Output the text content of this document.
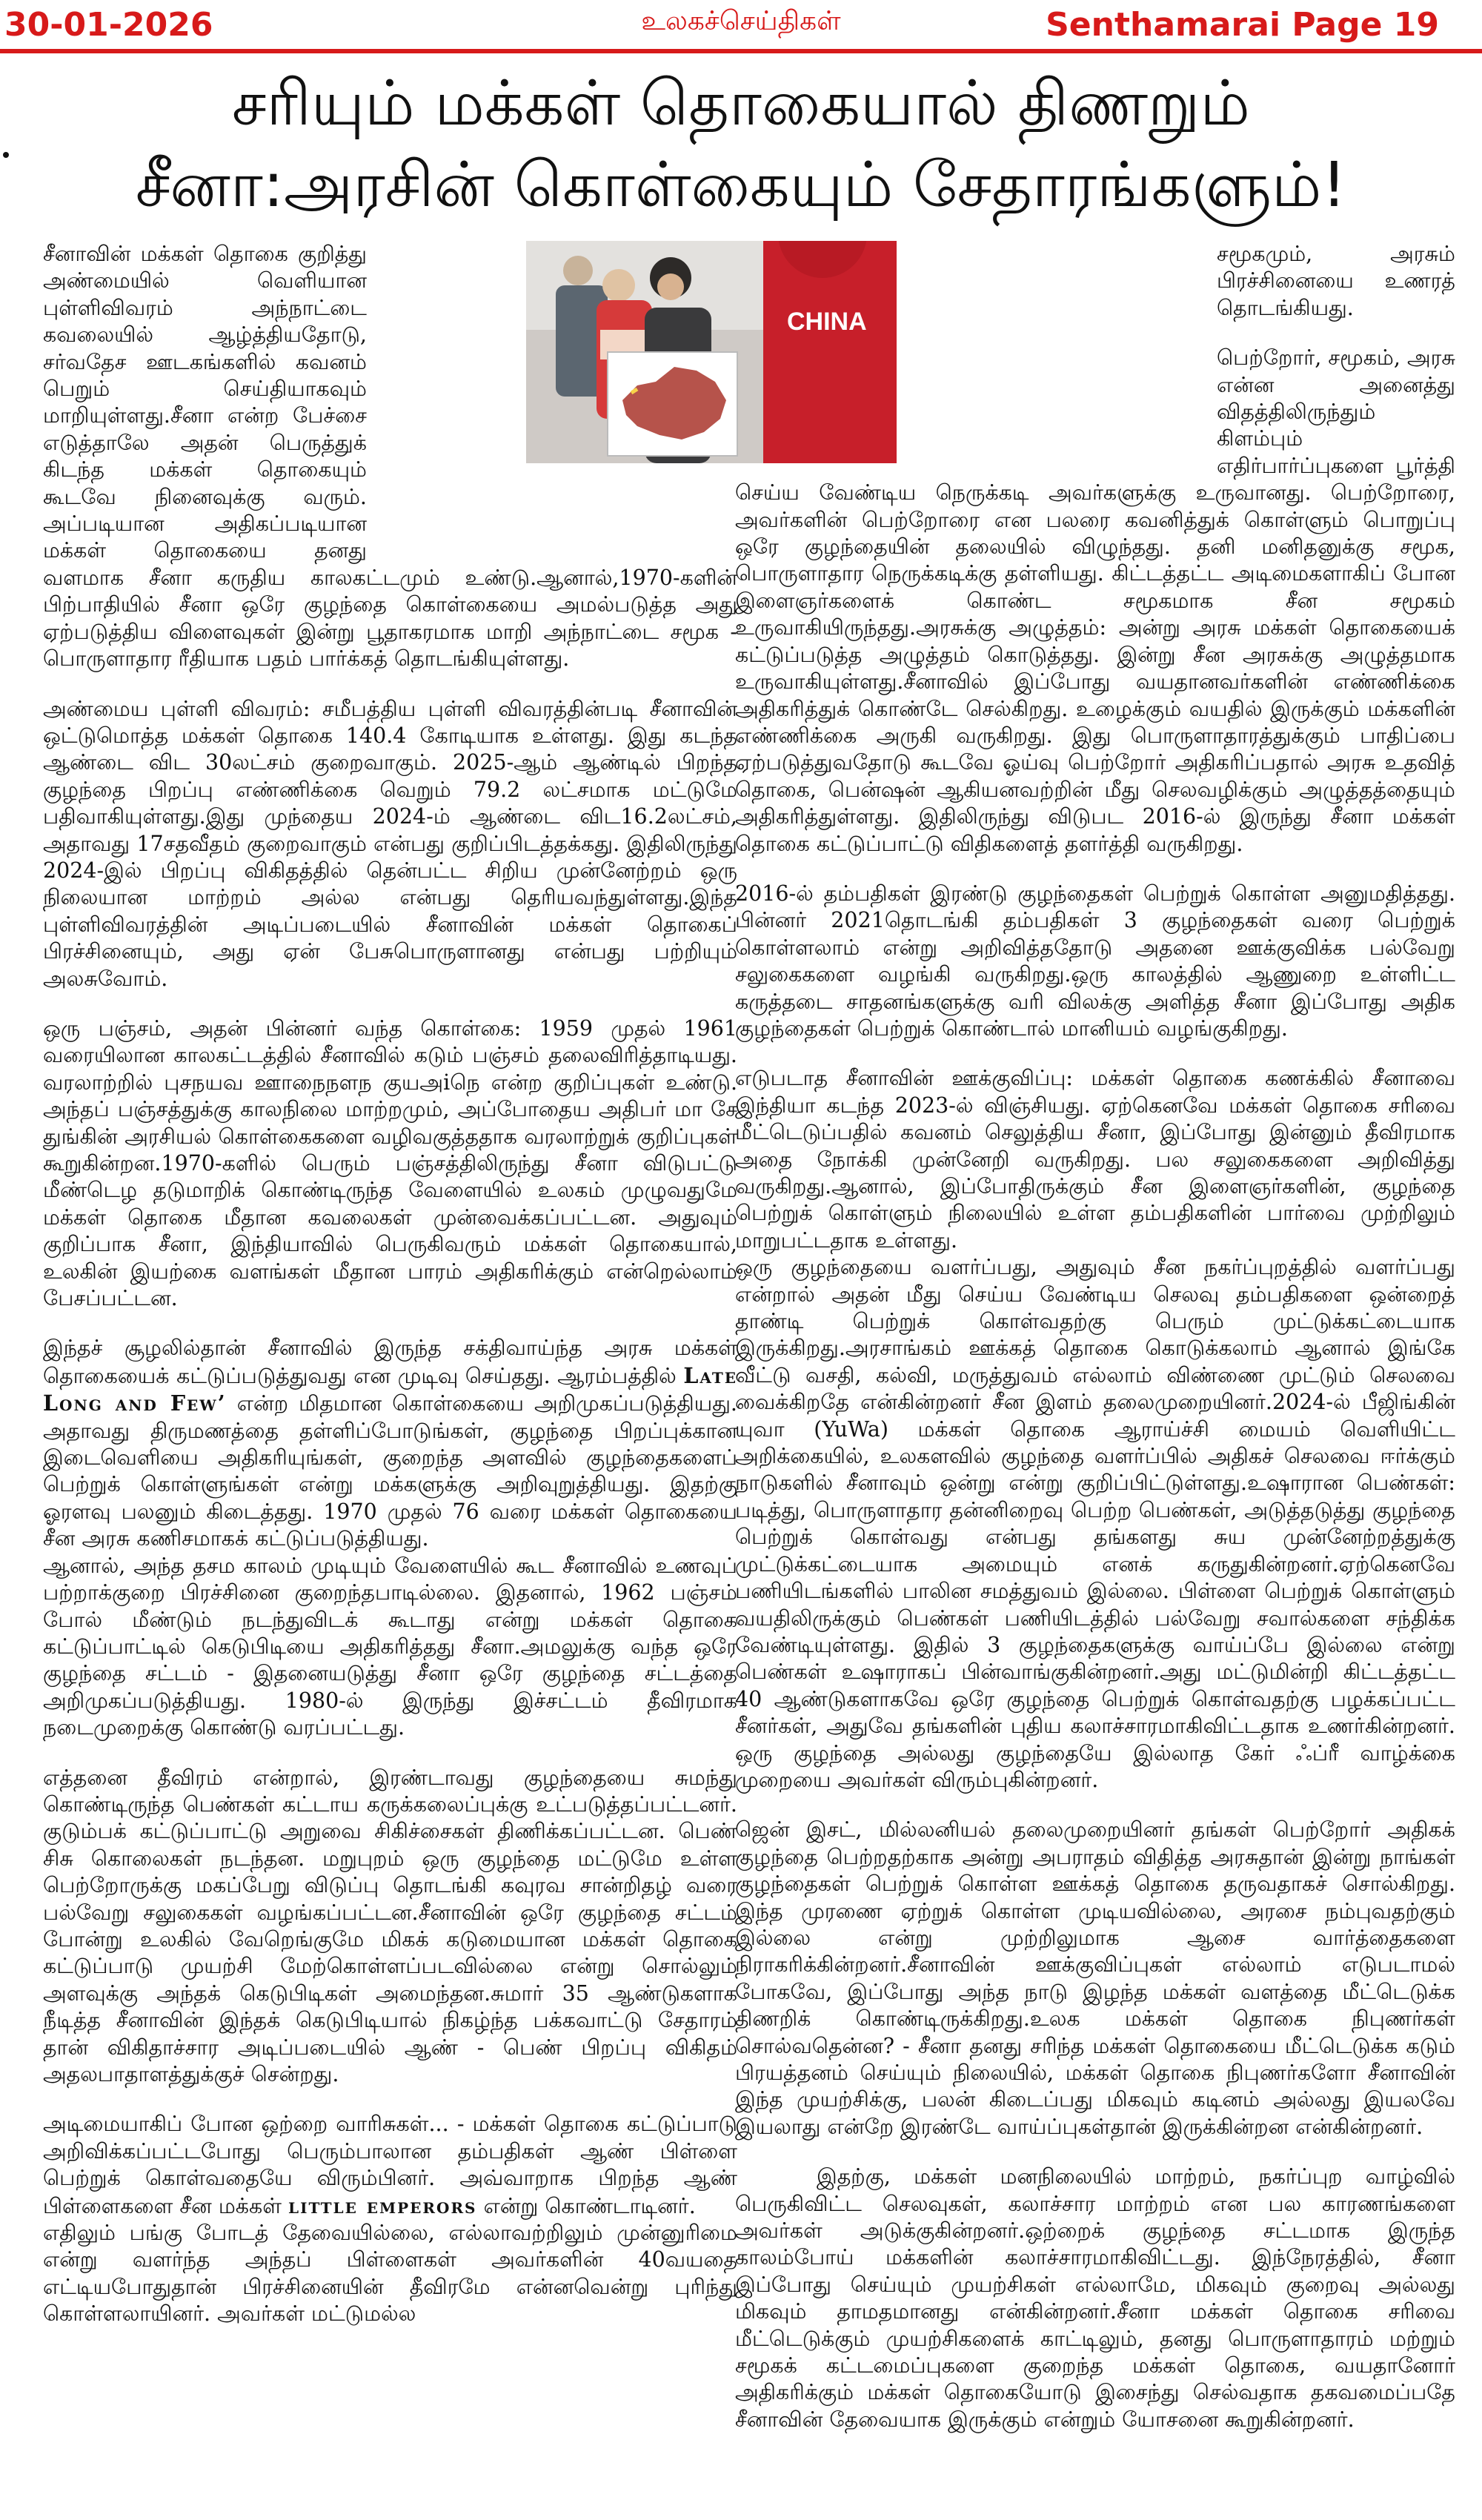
30-01-2026	உலகச்செய்திகள்	Senthamarai Page 19
சரியும் மக்கள் தொகையால் திணறும்
சீனா:அரசின் கொள்கையும் சேதாரங்களும்!
CHINA

சீனாவின் மக்கள் தொகை குறித்து அண்மையில் வெளியான புள்ளிவிவரம் அந்நாட்டை கவலையில் ஆழ்த்தியதோடு, சர்வதேச ஊடகங்களில் கவனம் பெறும் செய்தியாகவும் மாறியுள்ளது.சீனா என்ற பேச்சை எடுத்தாலே அதன் பெருத்துக் கிடந்த மக்கள் தொகையும் கூடவே நினைவுக்கு வரும். அப்படியான அதிகப்படியான மக்கள் தொகையை தனது வளமாக சீனா கருதிய காலகட்டமும் உண்டு.ஆனால்,1970-களின் பிற்பாதியில் சீனா ஒரே குழந்தை கொள்கையை அமல்படுத்த அது ஏற்படுத்திய விளைவுகள் இன்று பூதாகரமாக மாறி அந்நாட்டை சமூக - பொருளாதார ரீதியாக பதம் பார்க்கத் தொடங்கியுள்ளது.

அண்மைய புள்ளி விவரம்: சமீபத்திய புள்ளி விவரத்தின்படி சீனாவின் ஒட்டுமொத்த மக்கள் தொகை 140.4 கோடியாக உள்ளது. இது கடந்த ஆண்டை விட 30லட்சம் குறைவாகும். 2025-ஆம் ஆண்டில் பிறந்த குழந்தை பிறப்பு எண்ணிக்கை வெறும் 79.2 லட்சமாக மட்டுமே பதிவாகியுள்ளது.இது முந்தைய 2024-ம் ஆண்டை விட16.2லட்சம், அதாவது 17சதவீதம் குறைவாகும் என்பது குறிப்பிடத்தக்கது. இதிலிருந்து 2024-இல் பிறப்பு விகிதத்தில் தென்பட்ட சிறிய முன்னேற்றம் ஒரு நிலையான மாற்றம் அல்ல என்பது தெரியவந்துள்ளது.இந்த புள்ளிவிவரத்தின் அடிப்படையில் சீனாவின் மக்கள் தொகைப் பிரச்சினையும், அது ஏன் பேசுபொருளானது என்பது பற்றியும் அலசுவோம்.

ஒரு பஞ்சம், அதன் பின்னர் வந்த கொள்கை: 1959 முதல் 1961 வரையிலான காலகட்டத்தில் சீனாவில் கடும் பஞ்சம் தலைவிரித்தாடியது. வரலாற்றில் புசநயவ ஊாநைநளந குயஅiநெ என்ற குறிப்புகள் உண்டு. அந்தப் பஞ்சத்துக்கு காலநிலை மாற்றமும், அப்போதைய அதிபர் மா சே துங்கின் அரசியல் கொள்கைகளை வழிவகுத்ததாக வரலாற்றுக் குறிப்புகள் கூறுகின்றன.1970-களில் பெரும் பஞ்சத்திலிருந்து சீனா விடுபட்டு மீண்டெழ தடுமாறிக் கொண்டிருந்த வேளையில் உலகம் முழுவதுமே மக்கள் தொகை மீதான கவலைகள் முன்வைக்கப்பட்டன. அதுவும் குறிப்பாக சீனா, இந்தியாவில் பெருகிவரும் மக்கள் தொகையால், உலகின் இயற்கை வளங்கள் மீதான பாரம் அதிகரிக்கும் என்றெல்லாம் பேசப்பட்டன.

இந்தச் சூழலில்தான் சீனாவில் இருந்த சக்திவாய்ந்த அரசு மக்கள் தொகையைக் கட்டுப்படுத்துவது என முடிவு செய்தது. ஆரம்பத்தில் Late Long and Few’ என்ற மிதமான கொள்கையை அறிமுகப்படுத்தியது. அதாவது திருமணத்தை தள்ளிப்போடுங்கள், குழந்தை பிறப்புக்கான இடைவெளியை அதிகரியுங்கள், குறைந்த அளவில் குழந்தைகளைப் பெற்றுக் கொள்ளுங்கள் என்று மக்களுக்கு அறிவுறுத்தியது. இதற்கு ஓரளவு பலனும் கிடைத்தது. 1970 முதல் 76 வரை மக்கள் தொகையை சீன அரசு கணிசமாகக் கட்டுப்படுத்தியது.

ஆனால், அந்த தசம காலம் முடியும் வேளையில் கூட சீனாவில் உணவுப் பற்றாக்குறை பிரச்சினை குறைந்தபாடில்லை. இதனால், 1962 பஞ்சம் போல் மீண்டும் நடந்துவிடக் கூடாது என்று மக்கள் தொகை கட்டுப்பாட்டில் கெடுபிடியை அதிகரித்தது சீனா.அமலுக்கு வந்த ஒரே குழந்தை சட்டம் - இதனையடுத்து சீனா ஒரே குழந்தை சட்டத்தை அறிமுகப்படுத்தியது. 1980-ல் இருந்து இச்சட்டம் தீவிரமாக நடைமுறைக்கு கொண்டு வரப்பட்டது.

எத்தனை தீவிரம் என்றால், இரண்டாவது குழந்தையை சுமந்து கொண்டிருந்த பெண்கள் கட்டாய கருக்கலைப்புக்கு உட்படுத்தப்பட்டனர். குடும்பக் கட்டுப்பாட்டு அறுவை சிகிச்சைகள் திணிக்கப்பட்டன. பெண் சிசு கொலைகள் நடந்தன. மறுபுறம் ஒரு குழந்தை மட்டுமே உள்ள பெற்றோருக்கு மகப்பேறு விடுப்பு தொடங்கி கவுரவ சான்றிதழ் வரை பல்வேறு சலுகைகள் வழங்கப்பட்டன.சீனாவின் ஒரே குழந்தை சட்டம் போன்று உலகில் வேறெங்குமே மிகக் கடுமையான மக்கள் தொகை கட்டுப்பாடு முயற்சி மேற்கொள்ளப்படவில்லை என்று சொல்லும் அளவுக்கு அந்தக் கெடுபிடிகள் அமைந்தன.சுமார் 35 ஆண்டுகளாக நீடித்த சீனாவின் இந்தக் கெடுபிடியால் நிகழ்ந்த பக்கவாட்டு சேதாரம் தான் விகிதாச்சார அடிப்படையில் ஆண் - பெண் பிறப்பு விகிதம் அதலபாதாளத்துக்குச் சென்றது.

அடிமையாகிப் போன ஒற்றை வாரிசுகள்... - மக்கள் தொகை கட்டுப்பாடு அறிவிக்கப்பட்டபோது பெரும்பாலான தம்பதிகள் ஆண் பிள்ளை பெற்றுக் கொள்வதையே விரும்பினர். அவ்வாறாக பிறந்த ஆண் பிள்ளைகளை சீன மக்கள் little emperors என்று கொண்டாடினர்.

எதிலும் பங்கு போடத் தேவையில்லை, எல்லாவற்றிலும் முன்னுரிமை என்று வளர்ந்த அந்தப் பிள்ளைகள் அவர்களின் 40வயதை எட்டியபோதுதான் பிரச்சினையின் தீவிரமே என்னவென்று புரிந்து கொள்ளலாயினர். அவர்கள் மட்டுமல்ல

சமூகமும், அரசும் பிரச்சினையை உணரத் தொடங்கியது.

பெற்றோர், சமூகம், அரசு என்ன அனைத்து விதத்திலிருந்தும் கிளம்பும் எதிர்பார்ப்புகளை பூர்த்தி செய்ய வேண்டிய நெருக்கடி அவர்களுக்கு உருவானது. பெற்றோரை, அவர்களின் பெற்றோரை என பலரை கவனித்துக் கொள்ளும் பொறுப்பு ஒரே குழந்தையின் தலையில் விழுந்தது. தனி மனிதனுக்கு சமூக, பொருளாதார நெருக்கடிக்கு தள்ளியது. கிட்டத்தட்ட அடிமைகளாகிப் போன இளைஞர்களைக் கொண்ட சமூகமாக சீன சமூகம் உருவாகியிருந்தது.அரசுக்கு அழுத்தம்: அன்று அரசு மக்கள் தொகையைக் கட்டுப்படுத்த அழுத்தம் கொடுத்தது. இன்று சீன அரசுக்கு அழுத்தமாக உருவாகியுள்ளது.சீனாவில் இப்போது வயதானவர்களின் எண்ணிக்கை அதிகரித்துக் கொண்டே செல்கிறது. உழைக்கும் வயதில் இருக்கும் மக்களின் எண்ணிக்கை அருகி வருகிறது. இது பொருளாதாரத்துக்கும் பாதிப்பை ஏற்படுத்துவதோடு கூடவே ஓய்வு பெற்றோர் அதிகரிப்பதால் அரசு உதவித் தொகை, பென்ஷன் ஆகியனவற்றின் மீது செலவழிக்கும் அழுத்தத்தையும் அதிகரித்துள்ளது. இதிலிருந்து விடுபட 2016-ல் இருந்து சீனா மக்கள் தொகை கட்டுப்பாட்டு விதிகளைத் தளர்த்தி வருகிறது.

2016-ல் தம்பதிகள் இரண்டு குழந்தைகள் பெற்றுக் கொள்ள அனுமதித்தது. பின்னர் 2021தொடங்கி தம்பதிகள் 3 குழந்தைகள் வரை பெற்றுக் கொள்ளலாம் என்று அறிவித்ததோடு அதனை ஊக்குவிக்க பல்வேறு சலுகைகளை வழங்கி வருகிறது.ஒரு காலத்தில் ஆணுறை உள்ளிட்ட கருத்தடை சாதனங்களுக்கு வரி விலக்கு அளித்த சீனா இப்போது அதிக குழந்தைகள் பெற்றுக் கொண்டால் மானியம் வழங்குகிறது.

எடுபடாத சீனாவின் ஊக்குவிப்பு: மக்கள் தொகை கணக்கில் சீனாவை இந்தியா கடந்த 2023-ல் விஞ்சியது. ஏற்கெனவே மக்கள் தொகை சரிவை மீட்டெடுப்பதில் கவனம் செலுத்திய சீனா, இப்போது இன்னும் தீவிரமாக அதை நோக்கி முன்னேறி வருகிறது. பல சலுகைகளை அறிவித்து வருகிறது.ஆனால், இப்போதிருக்கும் சீன இளைஞர்களின், குழந்தை பெற்றுக் கொள்ளும் நிலையில் உள்ள தம்பதிகளின் பார்வை முற்றிலும் மாறுபட்டதாக உள்ளது.

ஒரு குழந்தையை வளர்ப்பது, அதுவும் சீன நகர்ப்புறத்தில் வளர்ப்பது என்றால் அதன் மீது செய்ய வேண்டிய செலவு தம்பதிகளை ஒன்றைத் தாண்டி பெற்றுக் கொள்வதற்கு பெரும் முட்டுக்கட்டையாக இருக்கிறது.அரசாங்கம் ஊக்கத் தொகை கொடுக்கலாம் ஆனால் இங்கே வீட்டு வசதி, கல்வி, மருத்துவம் எல்லாம் விண்ணை முட்டும் செலவை வைக்கிறதே என்கின்றனர் சீன இளம் தலைமுறையினர்.2024-ல் பீஜிங்கின் யுவா (YuWa) மக்கள் தொகை ஆராய்ச்சி மையம் வெளியிட்ட அறிக்கையில், உலகளவில் குழந்தை வளர்ப்பில் அதிகச் செலவை ஈர்க்கும் நாடுகளில் சீனாவும் ஒன்று என்று குறிப்பிட்டுள்ளது.உஷாரான பெண்கள்: படித்து, பொருளாதார தன்னிறைவு பெற்ற பெண்கள், அடுத்தடுத்து குழந்தை பெற்றுக் கொள்வது என்பது தங்களது சுய முன்னேற்றத்துக்கு முட்டுக்கட்டையாக அமையும் எனக் கருதுகின்றனர்.ஏற்கெனவே பணியிடங்களில் பாலின சமத்துவம் இல்லை. பிள்ளை பெற்றுக் கொள்ளும் வயதிலிருக்கும் பெண்கள் பணியிடத்தில் பல்வேறு சவால்களை சந்திக்க வேண்டியுள்ளது. இதில் 3 குழந்தைகளுக்கு வாய்ப்பே இல்லை என்று பெண்கள் உஷாராகப் பின்வாங்குகின்றனர்.அது மட்டுமின்றி கிட்டத்தட்ட 40 ஆண்டுகளாகவே ஒரே குழந்தை பெற்றுக் கொள்வதற்கு பழக்கப்பட்ட சீனர்கள், அதுவே தங்களின் புதிய கலாச்சாரமாகிவிட்டதாக உணர்கின்றனர். ஒரு குழந்தை அல்லது குழந்தையே இல்லாத கேர் ஃப்ரீ வாழ்க்கை முறையை அவர்கள் விரும்புகின்றனர்.

ஜென் இசட், மில்லனியல் தலைமுறையினர் தங்கள் பெற்றோர் அதிகக் குழந்தை பெற்றதற்காக அன்று அபராதம் விதித்த அரசுதான் இன்று நாங்கள் குழந்தைகள் பெற்றுக் கொள்ள ஊக்கத் தொகை தருவதாகச் சொல்கிறது. இந்த முரணை ஏற்றுக் கொள்ள முடியவில்லை, அரசை நம்புவதற்கும் இல்லை என்று முற்றிலுமாக ஆசை வார்த்தைகளை நிராகரிக்கின்றனர்.சீனாவின் ஊக்குவிப்புகள் எல்லாம் எடுபடாமல் போகவே, இப்போது அந்த நாடு இழந்த மக்கள் வளத்தை மீட்டெடுக்க திணறிக் கொண்டிருக்கிறது.உலக மக்கள் தொகை நிபுணர்கள் சொல்வதென்ன? - சீனா தனது சரிந்த மக்கள் தொகையை மீட்டெடுக்க கடும் பிரயத்தனம் செய்யும் நிலையில், மக்கள் தொகை நிபுணர்களோ சீனாவின் இந்த முயற்சிக்கு, பலன் கிடைப்பது மிகவும் கடினம் அல்லது இயலவே இயலாது என்றே இரண்டே வாய்ப்புகள்தான் இருக்கின்றன என்கின்றனர்.

இதற்கு, மக்கள் மனநிலையில் மாற்றம், நகர்ப்புற வாழ்வில் பெருகிவிட்ட செலவுகள், கலாச்சார மாற்றம் என பல காரணங்களை அவர்கள் அடுக்குகின்றனர்.ஒற்றைக் குழந்தை சட்டமாக இருந்த காலம்போய் மக்களின் கலாச்சாரமாகிவிட்டது. இந்நேரத்தில், சீனா இப்போது செய்யும் முயற்சிகள் எல்லாமே, மிகவும் குறைவு அல்லது மிகவும் தாமதமானது என்கின்றனர்.சீனா மக்கள் தொகை சரிவை மீட்டெடுக்கும் முயற்சிகளைக் காட்டிலும், தனது பொருளாதாரம் மற்றும் சமூகக் கட்டமைப்புகளை குறைந்த மக்கள் தொகை, வயதானோர் அதிகரிக்கும் மக்கள் தொகையோடு இசைந்து செல்வதாக தகவமைப்பதே சீனாவின் தேவையாக இருக்கும் என்றும் யோசனை கூறுகின்றனர்.
